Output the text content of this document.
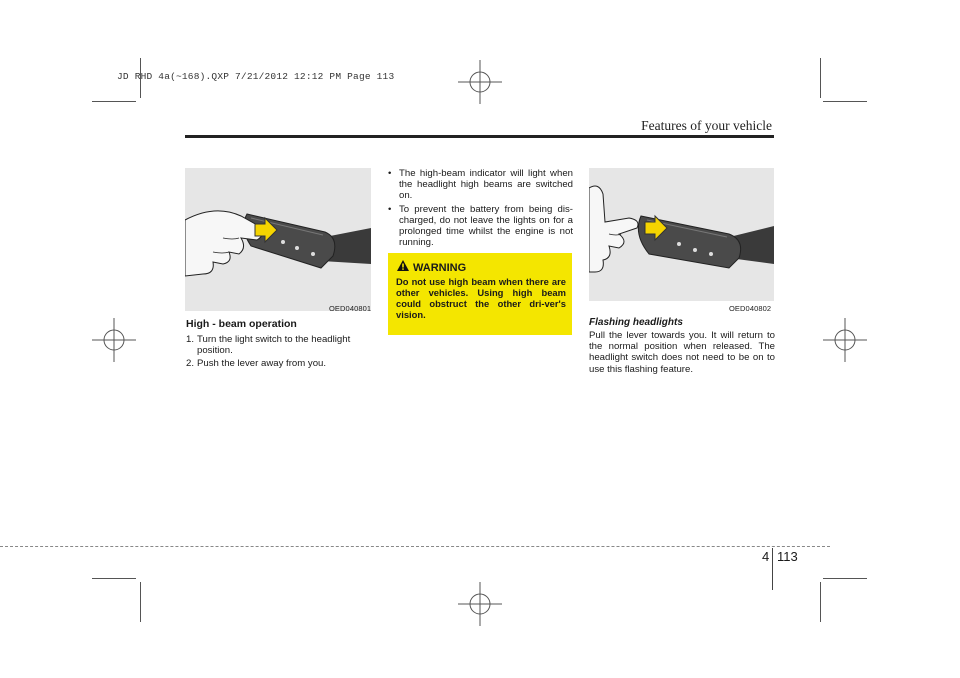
JD RHD 4a(~168).QXP 7/21/2012 12:12 PM Page 113
Features of your vehicle
OED040801
High - beam operation
1. Turn the light switch to the headlight position.
2. Push the lever away from you.
• The high-beam indicator will light when the headlight high beams are switched on.
• To prevent the battery from being dis-charged, do not leave the lights on for a prolonged time whilst the engine is not running.
WARNING
Do not use high beam when there are other vehicles. Using high beam could obstruct the other dri-ver's vision.
OED040802
Flashing headlights
Pull the lever towards you. It will return to the normal position when released. The headlight switch does not need to be on to use this flashing feature.
4 113
